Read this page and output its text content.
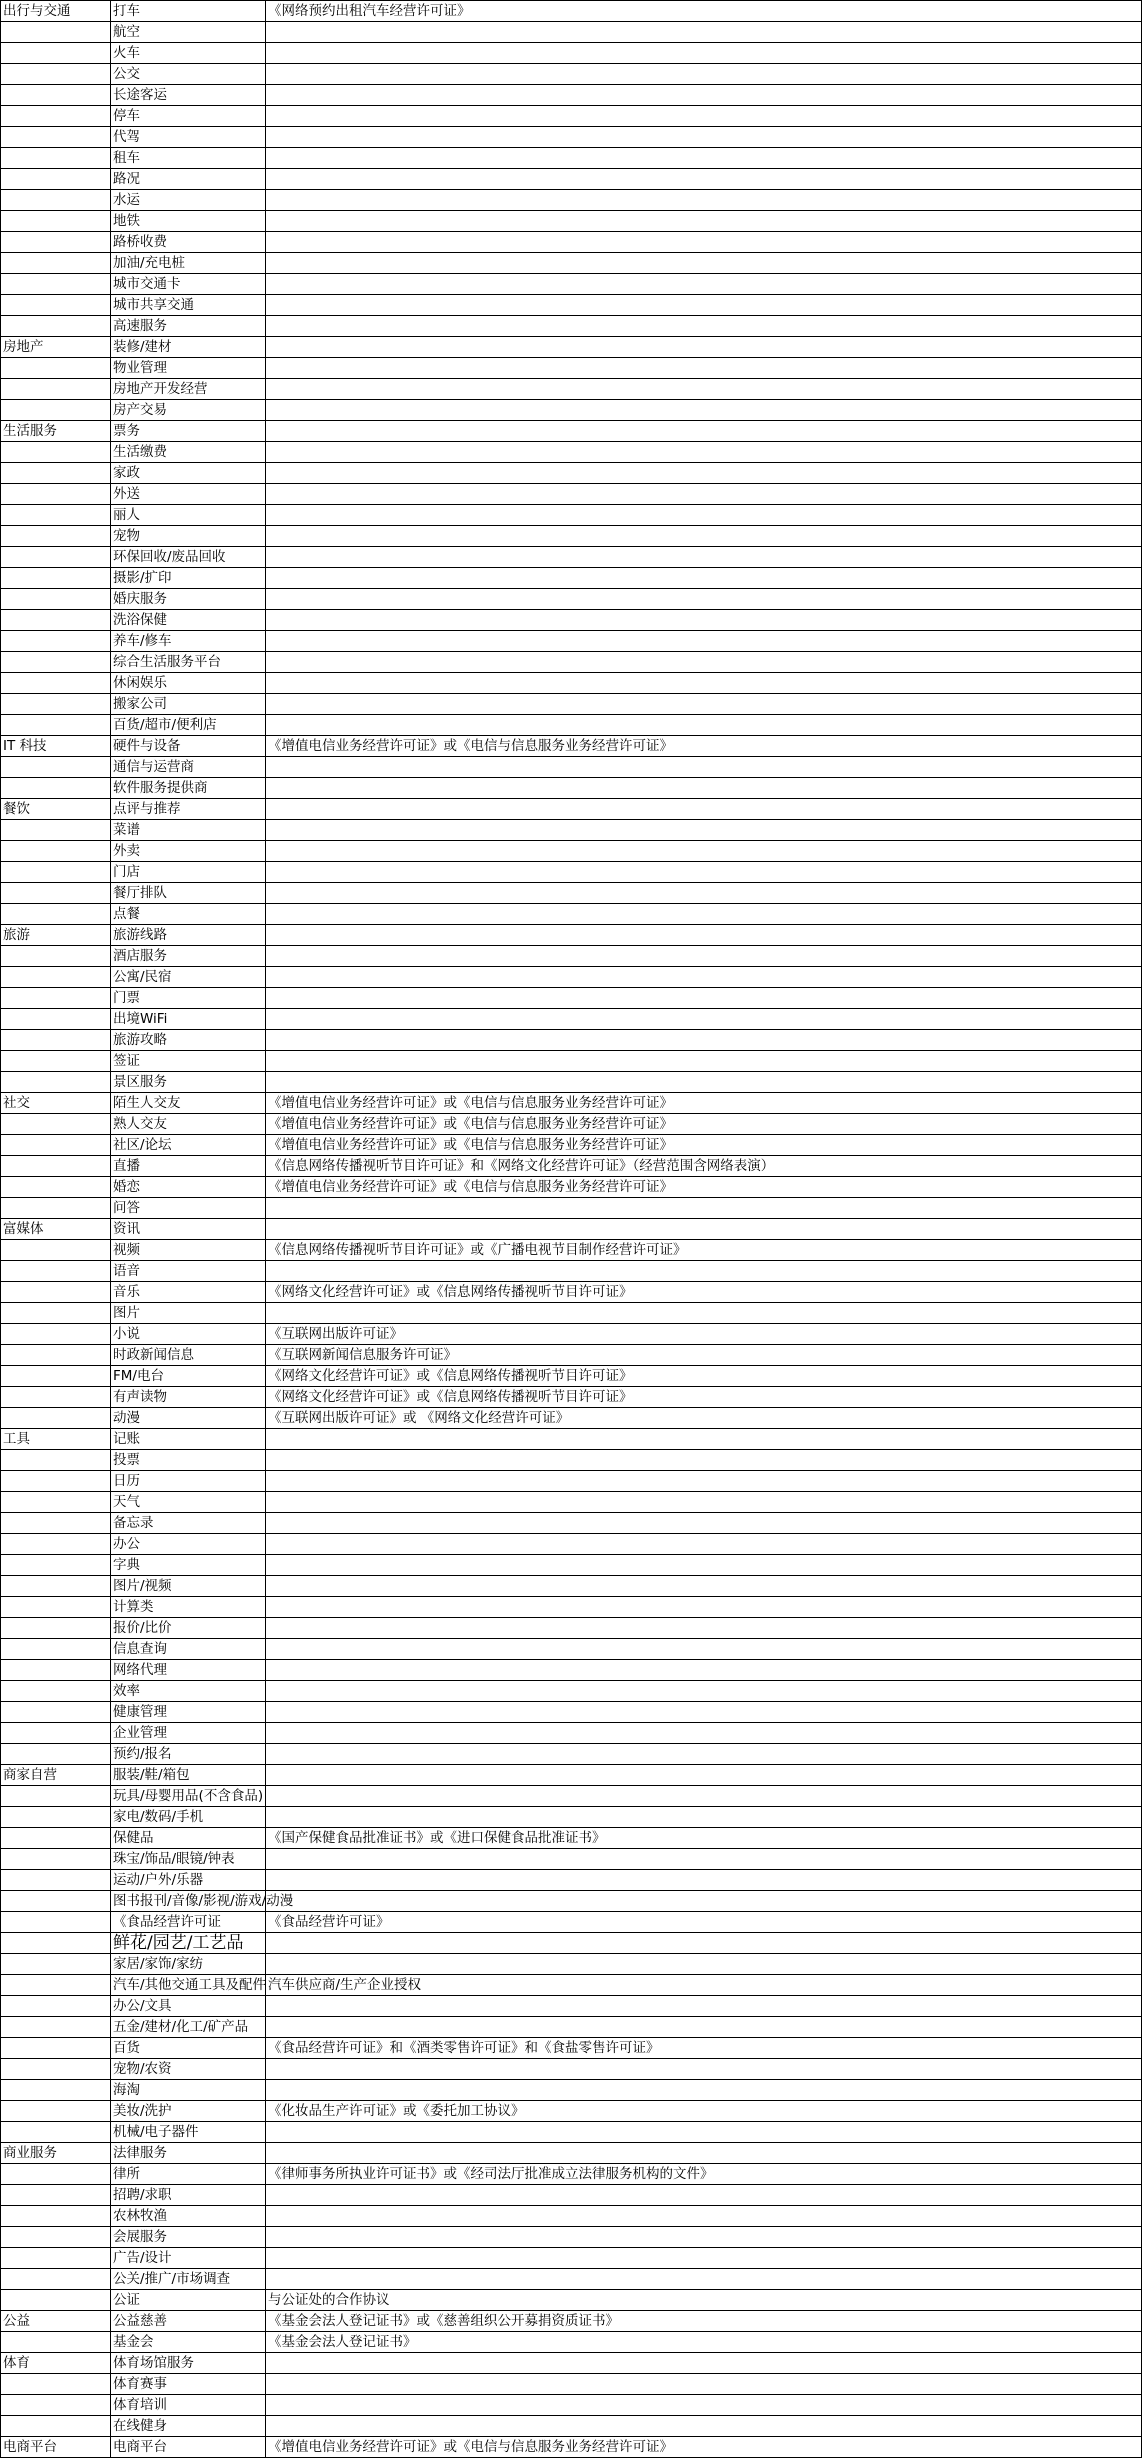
出行与交通	打车	《网络预约出租汽车经营许可证》
	航空	
	火车	
	公交	
	长途客运	
	停车	
	代驾	
	租车	
	路况	
	水运	
	地铁	
	路桥收费	
	加油/充电桩	
	城市交通卡	
	城市共享交通	
	高速服务	
房地产	装修/建材	
	物业管理	
	房地产开发经营	
	房产交易	
生活服务	票务	
	生活缴费	
	家政	
	外送	
	丽人	
	宠物	
	环保回收/废品回收	
	摄影/扩印	
	婚庆服务	
	洗浴保健	
	养车/修车	
	综合生活服务平台	
	休闲娱乐	
	搬家公司	
	百货/超市/便利店	
IT 科技	硬件与设备	《增值电信业务经营许可证》或《电信与信息服务业务经营许可证》
	通信与运营商	
	软件服务提供商	
餐饮	点评与推荐	
	菜谱	
	外卖	
	门店	
	餐厅排队	
	点餐	
旅游	旅游线路	
	酒店服务	
	公寓/民宿	
	门票	
	出境WiFi	
	旅游攻略	
	签证	
	景区服务	
社交	陌生人交友	《增值电信业务经营许可证》或《电信与信息服务业务经营许可证》
	熟人交友	《增值电信业务经营许可证》或《电信与信息服务业务经营许可证》
	社区/论坛	《增值电信业务经营许可证》或《电信与信息服务业务经营许可证》
	直播	《信息网络传播视听节目许可证》和《网络文化经营许可证》（经营范围含网络表演）
	婚恋	《增值电信业务经营许可证》或《电信与信息服务业务经营许可证》
	问答	
富媒体	资讯	
	视频	《信息网络传播视听节目许可证》或《广播电视节目制作经营许可证》
	语音	
	音乐	《网络文化经营许可证》或《信息网络传播视听节目许可证》
	图片	
	小说	《互联网出版许可证》
	时政新闻信息	《互联网新闻信息服务许可证》
	FM/电台	《网络文化经营许可证》或《信息网络传播视听节目许可证》
	有声读物	《网络文化经营许可证》或《信息网络传播视听节目许可证》
	动漫	《互联网出版许可证》或 《网络文化经营许可证》
工具	记账	
	投票	
	日历	
	天气	
	备忘录	
	办公	
	字典	
	图片/视频	
	计算类	
	报价/比价	
	信息查询	
	网络代理	
	效率	
	健康管理	
	企业管理	
	预约/报名	
商家自营	服装/鞋/箱包	
	玩具/母婴用品(不含食品)	
	家电/数码/手机	
	保健品	《国产保健食品批准证书》或《进口保健食品批准证书》
	珠宝/饰品/眼镜/钟表	
	运动/户外/乐器	
	图书报刊/音像/影视/游戏/动漫	
	《食品经营许可证	《食品经营许可证》
	鲜花/园艺/工艺品	
	家居/家饰/家纺	
	汽车/其他交通工具及配件	汽车供应商/生产企业授权
	办公/文具	
	五金/建材/化工/矿产品	
	百货	《食品经营许可证》和《酒类零售许可证》和《食盐零售许可证》
	宠物/农资	
	海淘	
	美妆/洗护	《化妆品生产许可证》或《委托加工协议》
	机械/电子器件	
商业服务	法律服务	
	律所	《律师事务所执业许可证书》或《经司法厅批准成立法律服务机构的文件》
	招聘/求职	
	农林牧渔	
	会展服务	
	广告/设计	
	公关/推广/市场调查	
	公证	与公证处的合作协议
公益	公益慈善	《基金会法人登记证书》或《慈善组织公开募捐资质证书》
	基金会	《基金会法人登记证书》
体育	体育场馆服务	
	体育赛事	
	体育培训	
	在线健身	
电商平台	电商平台	《增值电信业务经营许可证》或《电信与信息服务业务经营许可证》
